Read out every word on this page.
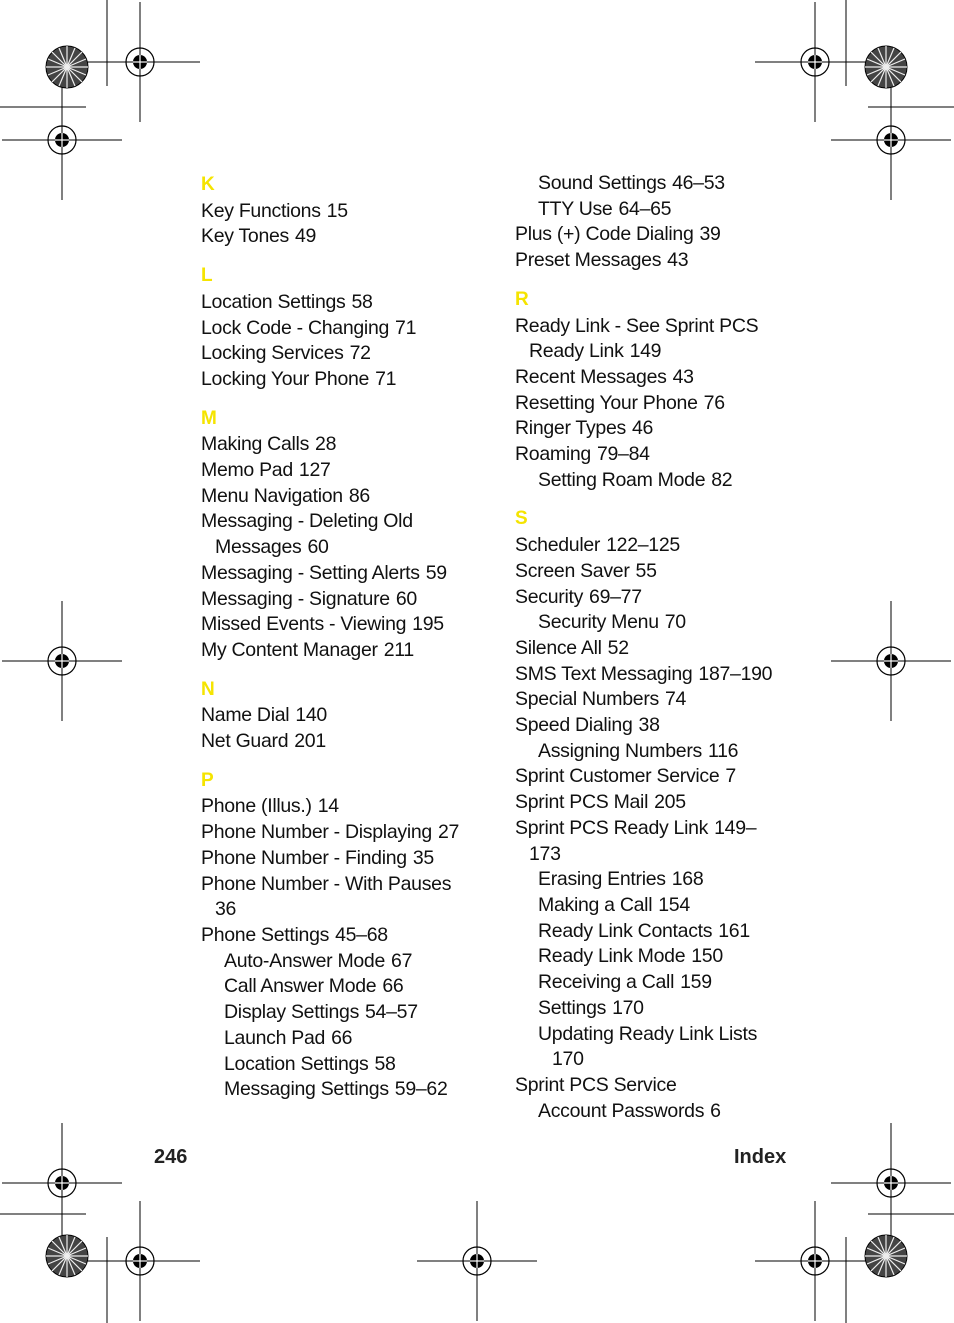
K
Key Functions 15
Key Tones 49
L
Location Settings 58
Lock Code - Changing 71
Locking Services 72
Locking Your Phone 71
M
Making Calls 28
Memo Pad 127
Menu Navigation 86
Messaging - Deleting Old
Messages 60
Messaging - Setting Alerts 59
Messaging - Signature 60
Missed Events - Viewing 195
My Content Manager 211
N
Name Dial 140
Net Guard 201
P
Phone (Illus.) 14
Phone Number - Displaying 27
Phone Number - Finding 35
Phone Number - With Pauses
36
Phone Settings 45–68
Auto-Answer Mode 67
Call Answer Mode 66
Display Settings 54–57
Launch Pad 66
Location Settings 58
Messaging Settings 59–62
Sound Settings 46–53
TTY Use 64–65
Plus (+) Code Dialing 39
Preset Messages 43
R
Ready Link - See Sprint PCS
Ready Link 149
Recent Messages 43
Resetting Your Phone 76
Ringer Types 46
Roaming 79–84
Setting Roam Mode 82
S
Scheduler 122–125
Screen Saver 55
Security 69–77
Security Menu 70
Silence All 52
SMS Text Messaging 187–190
Special Numbers 74
Speed Dialing 38
Assigning Numbers 116
Sprint Customer Service 7
Sprint PCS Mail 205
Sprint PCS Ready Link 149–
173
Erasing Entries 168
Making a Call 154
Ready Link Contacts 161
Ready Link Mode 150
Receiving a Call 159
Settings 170
Updating Ready Link Lists
170
Sprint PCS Service
Account Passwords 6
246	Index
